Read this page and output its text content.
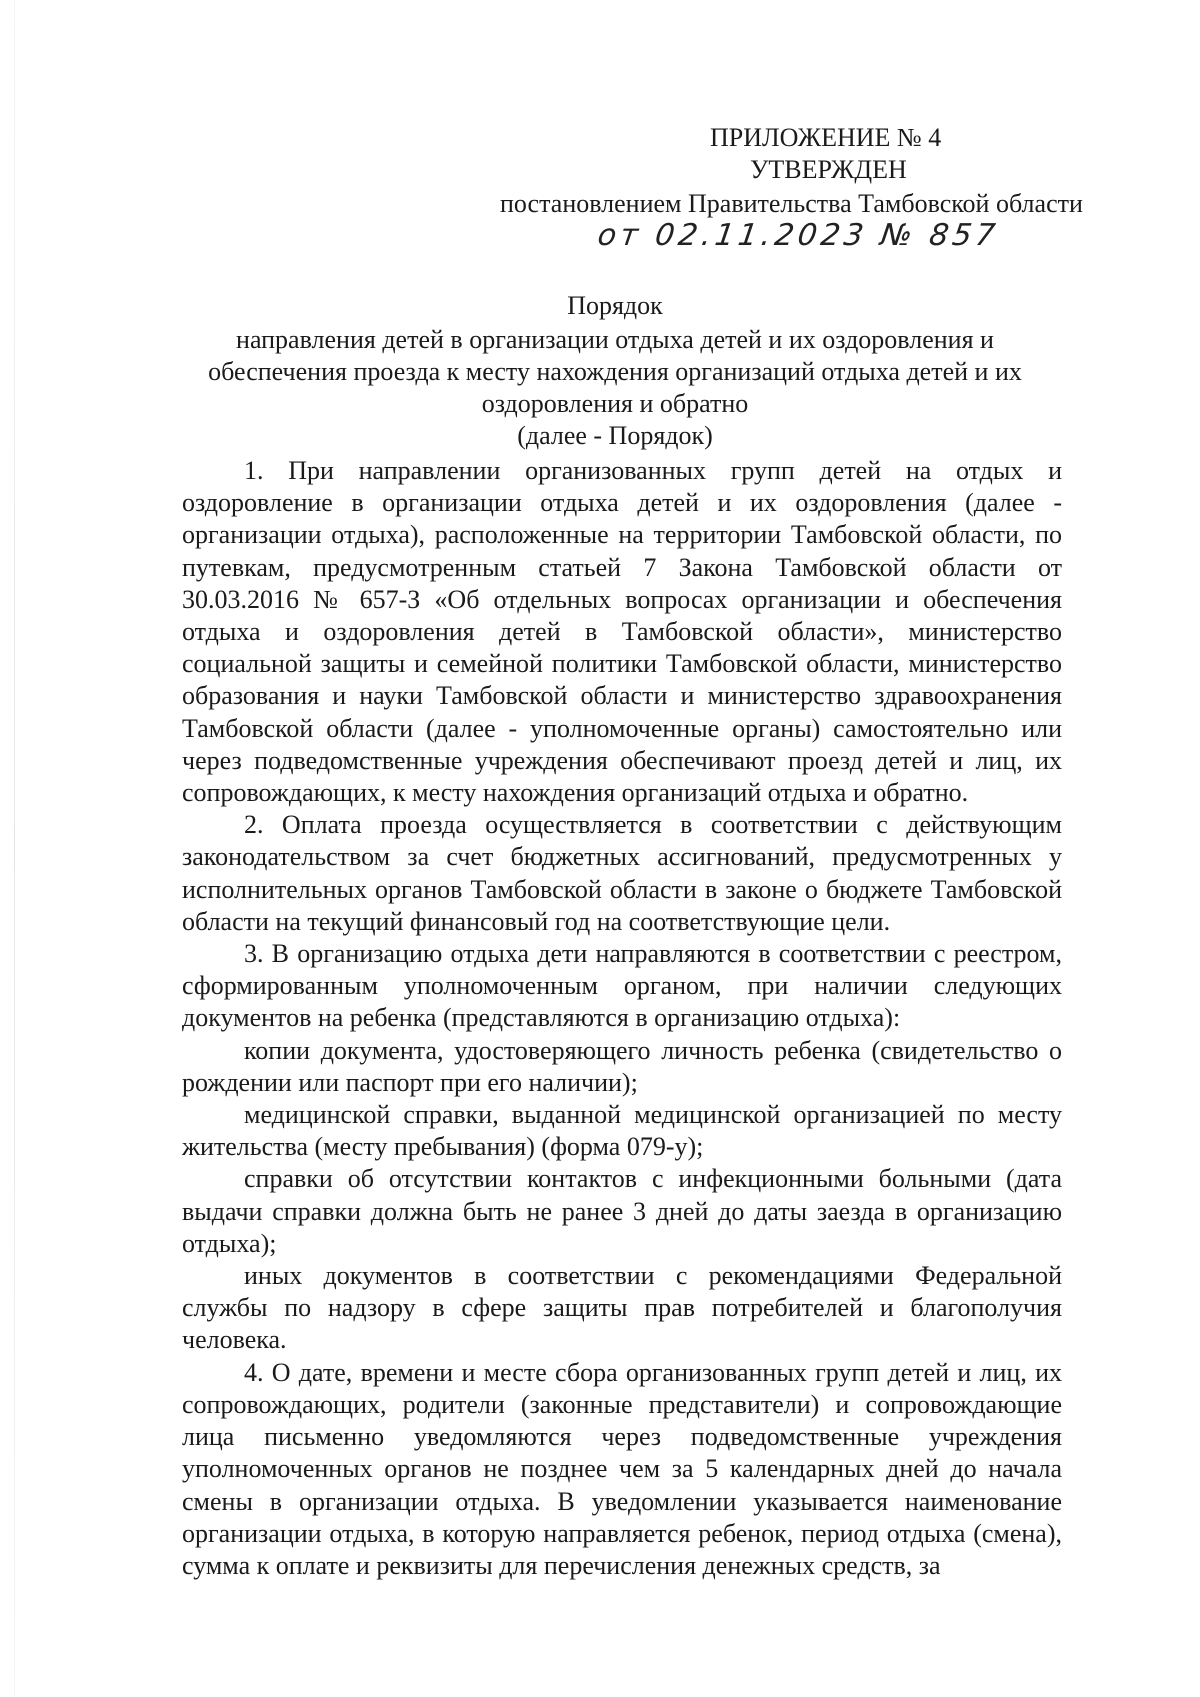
ПРИЛОЖЕНИЕ № 4
УТВЕРЖДЕН
постановлением Правительства Тамбовской области
от 02.11.2023 № 857
Порядок
направления детей в организации отдыха детей и их оздоровления и
обеспечения проезда к месту нахождения организаций отдыха детей и их
оздоровления и обратно
(далее - Порядок)

1. При направлении организованных групп детей на отдых и оздоровление в организации отдыха детей и их оздоровления (далее - организации отдыха), расположенные на территории Тамбовской области, по путевкам, предусмотренным статьей 7 Закона Тамбовской области от 30.03.2016 № 657-З «Об отдельных вопросах организации и обеспечения отдыха и оздоровления детей в Тамбовской области», министерство социальной защиты и семейной политики Тамбовской области, министерство образования и науки Тамбовской области и министерство здравоохранения Тамбовской области (далее - уполномоченные органы) самостоятельно или через подведомственные учреждения обеспечивают проезд детей и лиц, их сопровождающих, к месту нахождения организаций отдыха и обратно.

2. Оплата проезда осуществляется в соответствии с действующим законодательством за счет бюджетных ассигнований, предусмотренных у исполнительных органов Тамбовской области в законе о бюджете Тамбовской области на текущий финансовый год на соответствующие цели.

3. В организацию отдыха дети направляются в соответствии с реестром, сформированным уполномоченным органом, при наличии следующих документов на ребенка (представляются в организацию отдыха):

копии документа, удостоверяющего личность ребенка (свидетельство о рождении или паспорт при его наличии);

медицинской справки, выданной медицинской организацией по месту жительства (месту пребывания) (форма 079-у);

справки об отсутствии контактов с инфекционными больными (дата выдачи справки должна быть не ранее 3 дней до даты заезда в организацию отдыха);

иных документов в соответствии с рекомендациями Федеральной службы по надзору в сфере защиты прав потребителей и благополучия человека.

4. О дате, времени и месте сбора организованных групп детей и лиц, их сопровождающих, родители (законные представители) и сопровождающие лица письменно уведомляются через подведомственные учреждения уполномоченных органов не позднее чем за 5 календарных дней до начала смены в организации отдыха. В уведомлении указывается наименование организации отдыха, в которую направляется ребенок, период отдыха (смена), сумма к оплате и реквизиты для перечисления денежных средств, за
